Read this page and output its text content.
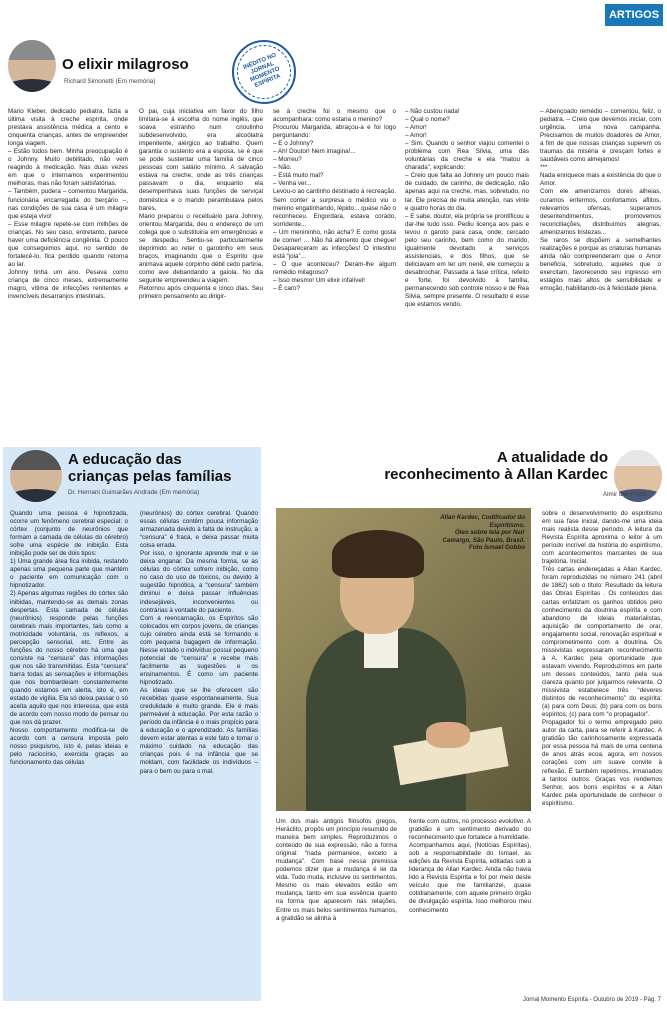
ARTIGOS
O elixir milagroso
Richard Simonetti (Em memória)
INÉDITO NO JORNAL MOMENTO ESPÍRITA
Mario Kleber, dedicado pediatra, fazia a última visita à creche espírita, onde prestava assistência médica a cento e cinquenta crianças, antes de empreender longa viagem.
– Estão todos bem. Minha preocupação é o Johnny. Muito debilitado, não vem reagindo à medicação. Nas duas vezes em que o internamos experimentou melhoras, mas não foram satisfatórias.
– Também, pudera – comentou Margarida, funcionária encarregada do berçário –, nas condições de sua casa é um milagre que esteja vivo!
– Esse milagre repete-se com milhões de crianças. No seu caso, entretanto, parece haver uma deficiência congênita. O pouco que conseguimos aqui, no sentido de fortalecê-lo, fica perdido quando retorna ao lar.
Johnny tinha um ano. Pesava como criança de cinco meses, extremamente magro, vítima de infecções renitentes e invencíveis desarranjos intestinais.
O pai, cuja iniciativa em favor do filho limitara-se à escolha do nome inglês, que soava estranho num crioulinho subdesenvolvido, era alcoólatra impenitente, alérgico ao trabalho. Quem garantia o sustento era a esposa, se é que se pode sustentar uma família de cinco pessoas com salário mínimo. A salvação estava na creche, onde as três crianças passavam o dia, enquanto ela desempenhava suas funções de serviçal doméstica e o marido perambulava pelos bares.
Mario preparou o receituário para Johnny, orientou Margarida, deu o endereço de um colega que o substituiria em emergências e se despediu. Sentiu-se particularmente deprimido ao reter o garotinho em seus braços, imaginando que o Espírito que animava aquele corpinho débil cedo partiria, como ave debandando a gaiola. No dia seguinte empreendeu a viagem.
Retornou após cinquenta e cinco dias. Seu primeiro pensamento ao dirigir-
se à creche foi o mesmo que o acompanhara: como estaria o menino?
Procurou Margarida, abraçou-a e foi logo perguntando:
– E o Johnny?
– Ah! Doutor! Nem imagina!...
– Morreu?
– Não.
– Está muito mal?
– Venha ver...
Levou-o ao cantinho destinado à recreação. Sem conter a surpresa o médico viu o menino engatinhando, lépido... quase não o reconheceu. Engordara, estava corado, sorridente...
– Um menininho, não acha? E como gosta de comer! ... Não há alimento que chegue! Desapareceram as infecções! O intestino está “joia”...
– O que aconteceu? Deram-lhe algum remédio milagroso?
– Isso mesmo! Um elixir infalível!
– É caro?
– Não custou nada!
– Qual o nome?
– Amor!
– Amor!
– Sim. Quando o senhor viajou comentei o problema com Rea Silvia, uma das voluntárias da creche e ela “matou a charada”, explicando:
– Creio que falta ao Johnny um pouco mais de cuidado, de carinho, de dedicação, não apenas aqui na creche, mas, sobretudo, no lar. Ele precisa de muita atenção, nas vinte e quatro horas do dia.
– E sabe, doutor, ela própria se prontificou a dar-lhe tudo isso. Pediu licença aos pais e levou o garoto para casa, onde, cercado pelo seu carinho, bem como do marido, igualmente devotado a serviços assistenciais, e dos filhos, que se deliciavam em ter um nenê, ele começou a desabrochar. Passada a fase crítica, refeito e forte, foi devolvido à família, permanecendo sob controle nosso e de Rea Silvia, sempre presente. O resultado é esse que estamos vendo.
– Abençoado remédio – comentou, feliz, o pediatra. – Creio que devemos iniciar, com urgência, uma nova campanha. Precisamos de muitos doadores de Amor, a fim de que nossas crianças superem os traumas da miséria e cresçam fortes e saudáveis como almejamos!
***
Nada enriquece mais a existência do que o Amor.
Com ele amenizamos dores alheias, curamos enfermos, confortamos aflitos, relevamos ofensas, superamos desentendimentos, promovemos reconciliações, distribuímos alegrias, amenizamos tristezas...
Se raros se dispõem a semelhantes realizações é porque as criaturas humanas ainda não compreenderam que o Amor beneficia, sobretudo, aqueles que o exercitam, favorecendo seu ingresso em estágios mais altos de sensibilidade e emoção, habilitando-os à felicidade plena.
A educação das
crianças pelas famílias
Dr. Hernani Guimarães Andrade (Em memória)
Quando uma pessoa é hipnotizada, ocorre um fenômeno cerebral especial: o córtex (conjunto de neurônios que formam a camada de células do cérebro) sofre uma espécie de inibição. Esta inibição pode ser de dois tipos:
1) Uma grande área fica inibida, restando apenas uma pequena parte que mantém o paciente em comunicação com o hipnotizador.
2) Apenas algumas regiões do córtex são inibidas, mantendo-se as demais zonas despertas. Esta camada de células (neurônios) responde pelas funções cerebrais mais importantes, tais como a motricidade voluntária, os reflexos, a percepção sensorial, etc. Entre as funções do nosso cérebro há uma que consiste na “censura” das informações que nos são transmitidas. Esta “censura” barra todas as sensações e informações que nos bombardeiam constantemente quando estamos em alerta, isto é, em estado de vigília. Ela só deixa passar o só aceita aquilo que nos interessa, que está de acordo com nosso modo de pensar ou que nos dá prazer.
Nosso comportamento modifica-se de acordo com a censura imposta pelo nosso psiquismo, isto é, pelas ideias e pelo raciocínio, exercida graças ao funcionamento das células
(neurônios) do córtex cerebral. Quando essas células contêm pouca informação armazenada devido à falta de instrução, a “censura” é fraca, e deixa passar muita coisa errada.
Por isso, o ignorante aprende mal e se deixa enganar. Da mesma forma, se as células do córtex sofrem inibição, como no caso do uso de tóxicos, ou devido à sugestão hipnótica, a “censura” também diminui e deixa passar influências indesejáveis, inconvenientes ou contrárias à vontade do paciente.
Com a reencarnação, os Espíritos são colocados em corpos jovens, de crianças cujo cérebro ainda está se formando e com pequena bagagem de informação. Nesse estado o indivíduo possui pequeno potencial de “censura” e recebe mais facilmente as sugestões e os ensinamentos. É como um paciente hipnotizado.
As ideias que se lhe oferecem são recebidas quase espontaneamente. Sua credulidade é muito grande. Ele é mais permeável à educação. Por esta razão o período da infância é o mais propício para a educação e o aprendizado. As famílias devem estar atentas a este fato e tomar o máximo cuidado na educação das crianças pois é na infância que se moldam, com facilidade os indivíduos – para o bem ou para o mal.
A atualidade do
reconhecimento à Allan Kardec
Almir Del Prette
Allan Kardec, Codificador do Espiritismo.
Óleo sobre tela por Nair Camargo, São Paulo, Brasil.
Foto Ismael Gobbo
Um dos mais antigos filósofos gregos, Heráclito, propôs um princípio resumido de maneira bem simples. Reproduzimos o conteúdo de sua expressão, não a forma original: “nada permanece, exceto a mudança”. Com base nessa premissa podemos dizer que a mudança é lei da vida. Tudo muda, inclusive os sentimentos. Mesmo os mais elevados estão em mudança, tanto em sua essência quanto na forma que aparecem nas relações. Entre os mais belos sentimentos humanos, a gratidão se alinha à
frente com outros, no processo evolutivo. A gratidão é um sentimento derivado do reconhecimento que fortalece a humildade.
Acompanhamos aqui, (Notícias Espíritas), sob a responsabilidade do Ismael, as edições da Revista Espírita, editadas sob a liderança de Allan Kardec. Ainda não havia lido a Revista Espírita e foi por meio deste veículo que me familiarizei, quase cotidianamente, com aquele primeiro órgão de divulgação espírita. Isso melhorou meu conhecimento
sobre o desenvolvimento do espiritismo em sua fase inicial, dando-me uma ideia mais realista desse período. A leitura da Revista Espírita aproxima o leitor à um período incrível da história do espiritismo, com acontecimentos marcantes de sua trajetória. Inicial.
Três cartas endereçadas a Allan Kardec, foram reproduzidas no número 241 (abril de 1862) sob o título: Resultado da leitura das Obras Espíritas . Os conteúdos das cartas enfatizam os ganhos obtidos pelo conhecimento da doutrina espírita e com abandono de ideias materialistas, aquisição de comportamento de orar, engajamento social, renovação espiritual e comprometimento com a doutrina. Os missivistas expressaram reconhecimento à A. Kardec pela oportunidade que estavam vivendo. Reproduzimos em parte um desses conteúdos, tanto pela sua clareza quanto por julgarmos relevante. O missivista estabelece três “deveres distintos de reconhecimento” do espírita: (a) para com Deus; (b) para com os bons espíritos; (c) para com “o propagador”.
Propagador foi o termo empregado pelo autor da carta, para se referir à Kardec. A gratidão tão carinhosamente expressada por essa pessoa há mais de uma centena de anos atrás ecoa, agora, em nossos corações com um suave convite à reflexão. É também repetimos, irmanados a tantos outros: Graças vos rendemos Senhor, aos bons espíritos e a Allan Kardec pela oportunidade de conhecer o espiritismo.
Jornal Momento Espírita - Outubro de 2019 - Pág. 7
